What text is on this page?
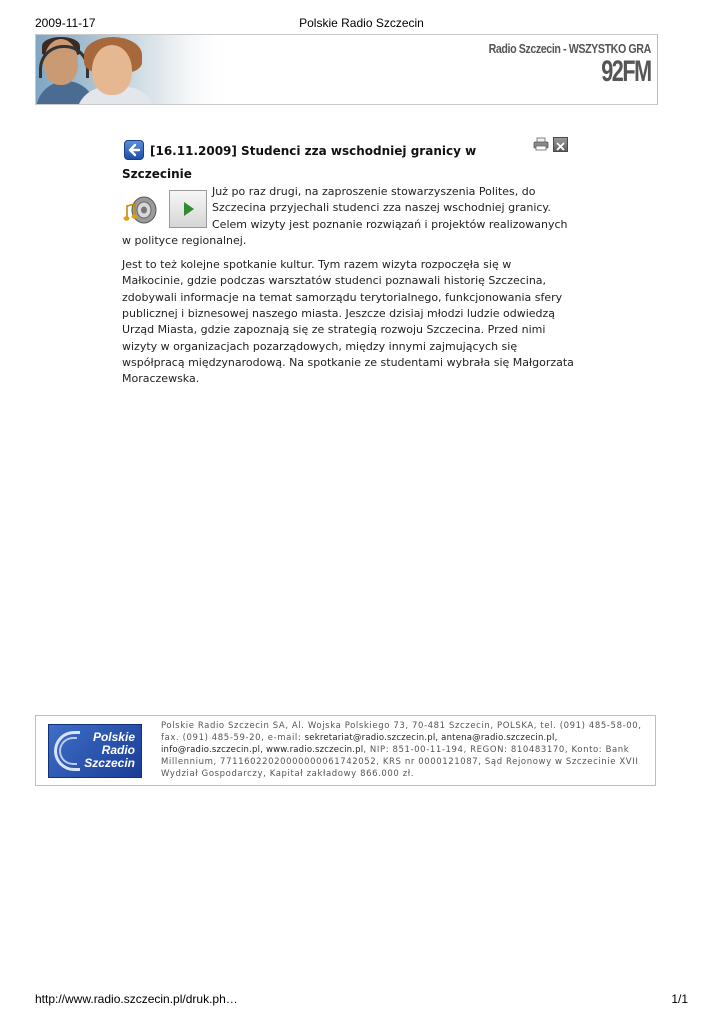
2009-11-17	Polskie Radio Szczecin
Radio Szczecin - WSZYSTKO GRA
92FM

[16.11.2009] Studenci zza wschodniej granicy w Szczecinie

Już po raz drugi, na zaproszenie stowarzyszenia Polites, do Szczecina przyjechali studenci zza naszej wschodniej granicy. Celem wizyty jest poznanie rozwiązań i projektów realizowanych w polityce regionalnej.

Jest to też kolejne spotkanie kultur. Tym razem wizyta rozpoczęła się w Małkocinie, gdzie podczas warsztatów studenci poznawali historię Szczecina, zdobywali informacje na temat samorządu terytorialnego, funkcjonowania sfery publicznej i biznesowej naszego miasta. Jeszcze dzisiaj młodzi ludzie odwiedzą Urząd Miasta, gdzie zapoznają się ze strategią rozwoju Szczecina. Przed nimi wizyty w organizacjach pozarządowych, między innymi zajmujących się współpracą międzynarodową. Na spotkanie ze studentami wybrała się Małgorzata Moraczewska.

Polskie
Radio
Szczecin
Polskie Radio Szczecin SA, Al. Wojska Polskiego 73, 70-481 Szczecin, POLSKA, tel. (091) 485-58-00, fax. (091) 485-59-20, e-mail: sekretariat@radio.szczecin.pl, antena@radio.szczecin.pl, info@radio.szczecin.pl, www.radio.szczecin.pl, NIP: 851-00-11-194, REGON: 810483170, Konto: Bank Millennium, 77116022020000000061742052, KRS nr 0000121087, Sąd Rejonowy w Szczecinie XVII Wydział Gospodarczy, Kapitał zakładowy 866.000 zł.
http://www.radio.szczecin.pl/druk.ph…	1/1
